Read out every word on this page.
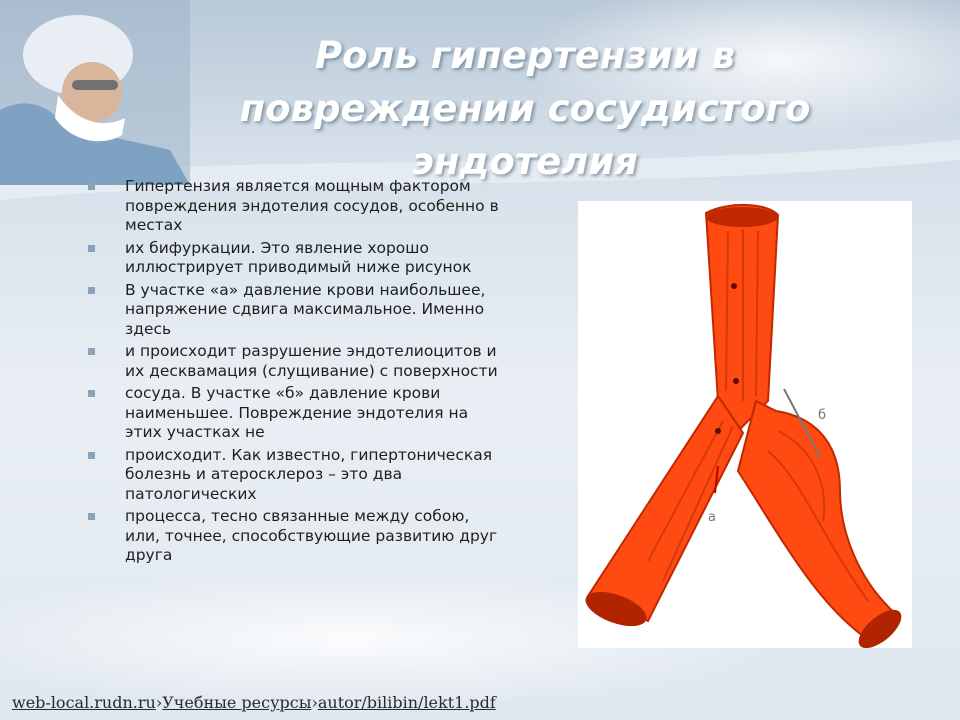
Роль гипертензии в повреждении сосудистого эндотелия
Гипертензия является мощным фактором повреждения эндотелия сосудов, особенно в местах
их бифуркации. Это явление хорошо иллюстрирует приводимый ниже рисунок
В участке «а» давление крови наибольшее, напряжение сдвига максимальное. Именно здесь
и происходит разрушение эндотелиоцитов и их десквамация (слущивание) с поверхности
сосуда. В участке «б» давление крови наименьшее. Повреждение эндотелия на этих участках не
происходит. Как известно, гипертоническая болезнь и атеросклероз – это два патологических
процесса, тесно связанные между собою, или, точнее, способствующие развитию друг друга
б
а
web-local.rudn.ru›Учебные ресурсы›autor/bilibin/lekt1.pdf
